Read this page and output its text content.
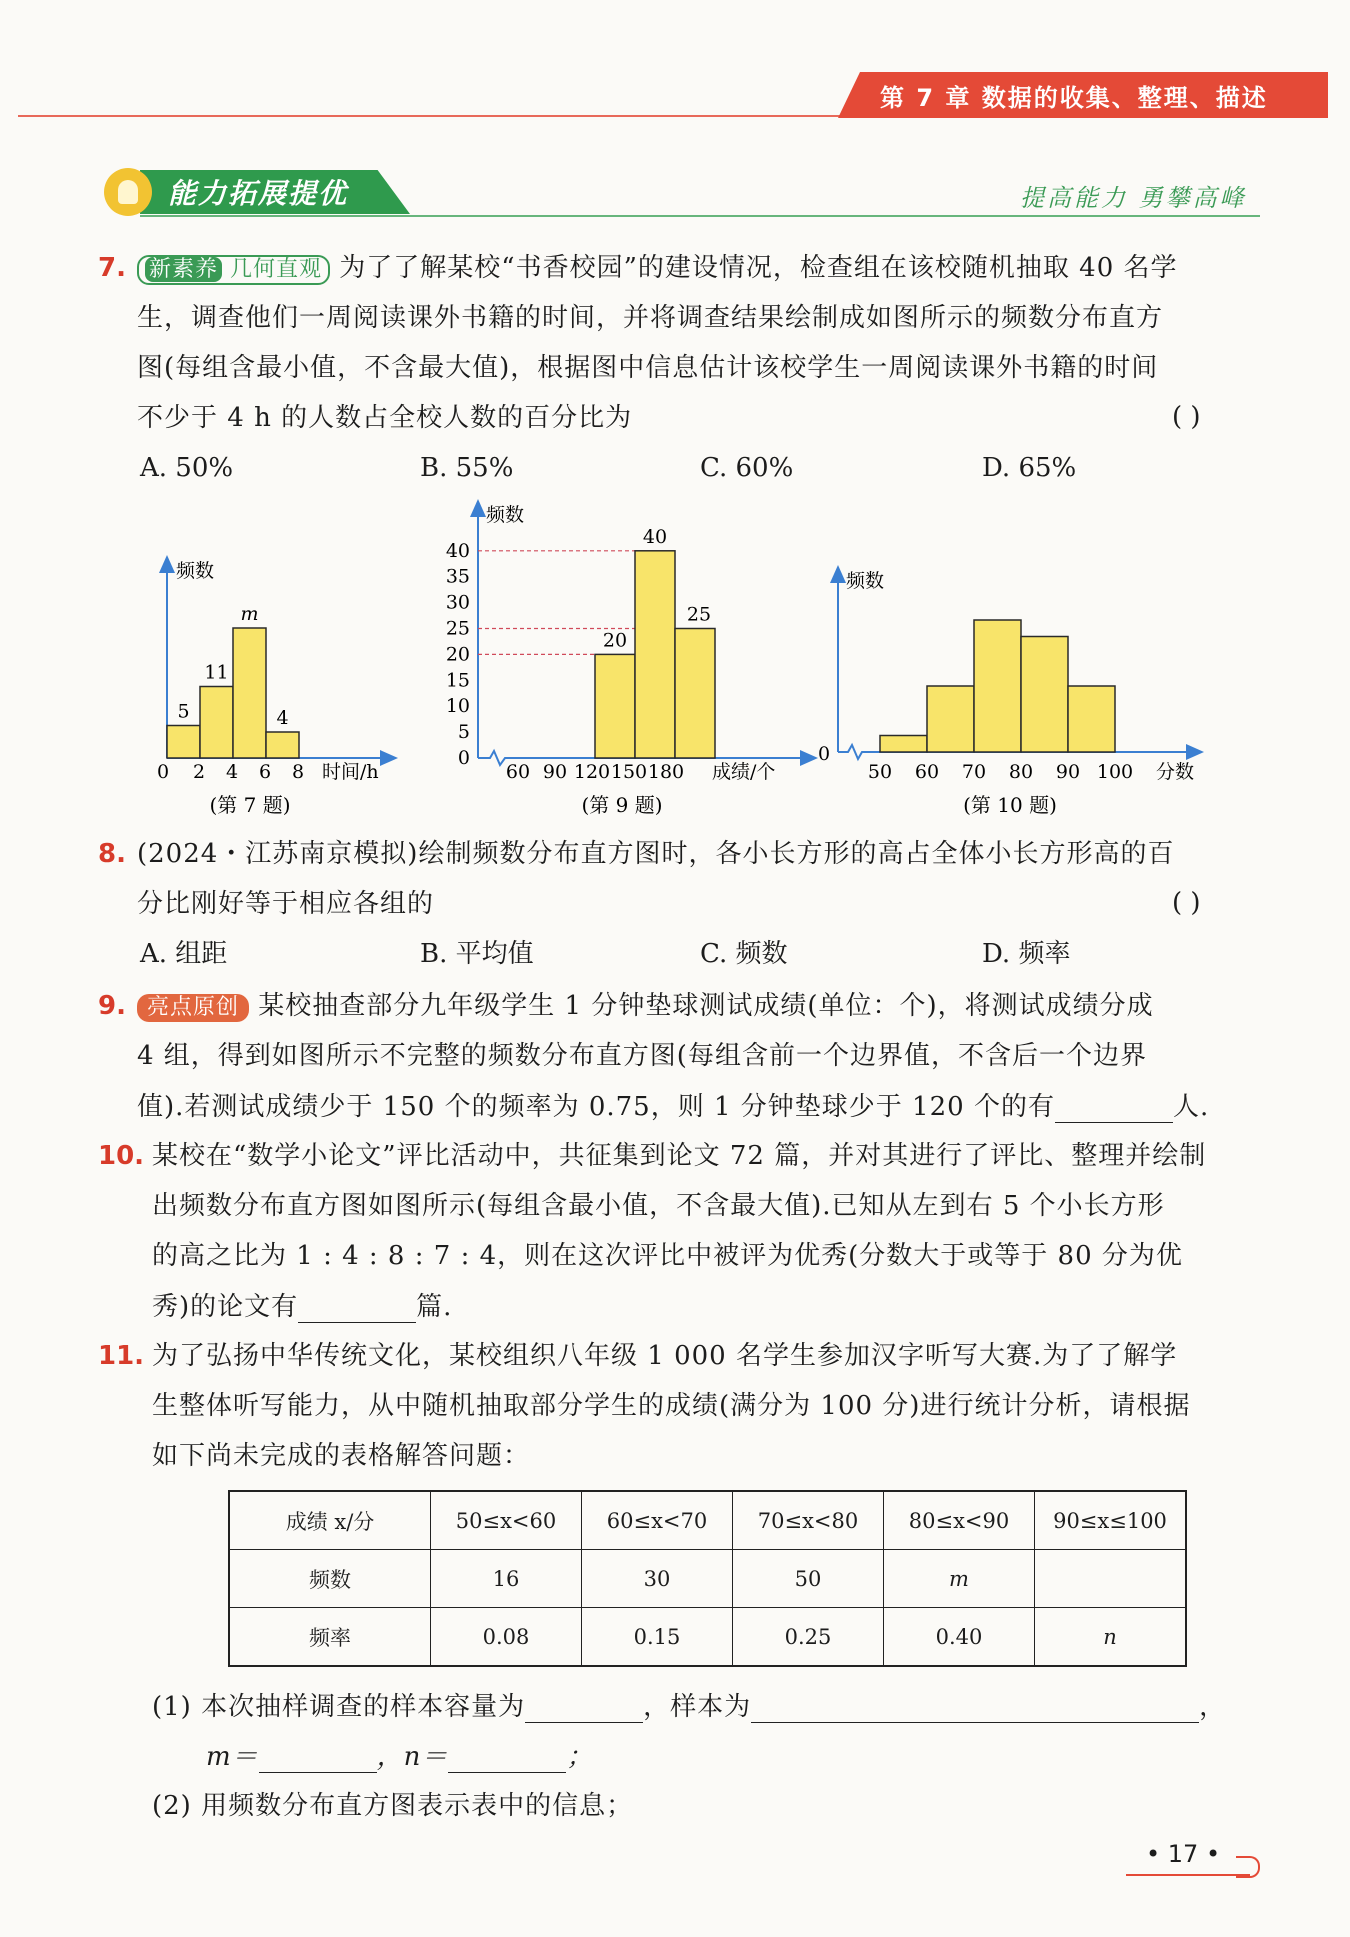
第 7 章 数据的收集、整理、描述
能力拓展提优	提高能力 勇攀高峰
7.	新素养 几何直观 为了了解某校“书香校园”的建设情况，检查组在该校随机抽取 40 名学
生，调查他们一周阅读课外书籍的时间，并将调查结果绘制成如图所示的频数分布直方
图(每组含最小值，不含最大值)，根据图中信息估计该校学生一周阅读课外书籍的时间
不少于 4 h 的人数占全校人数的百分比为	( )
A. 50%	B. 55%	C. 60%	D. 65%
频数
时间/h
5
11
m
4
0 2 4 6 8
(第 7 题)
频数
成绩/个
0
5
10
15
20
25
30
35
40
20
40
25
60 90 120 150 180
(第 9 题)
频数
0
分数
50 60 70 80 90 100
(第 10 题)
8. (2024・江苏南京模拟)绘制频数分布直方图时，各小长方形的高占全体小长方形高的百
分比刚好等于相应各组的	( )
A. 组距	B. 平均值	C. 频数	D. 频率
9. 亮点原创 某校抽查部分九年级学生 1 分钟垫球测试成绩(单位：个)，将测试成绩分成
4 组，得到如图所示不完整的频数分布直方图(每组含前一个边界值，不含后一个边界
值).若测试成绩少于 150 个的频率为 0.75，则 1 分钟垫球少于 120 个的有	人.
10. 某校在“数学小论文”评比活动中，共征集到论文 72 篇，并对其进行了评比、整理并绘制
出频数分布直方图如图所示(每组含最小值，不含最大值).已知从左到右 5 个小长方形
的高之比为 1 : 4 : 8 : 7 : 4，则在这次评比中被评为优秀(分数大于或等于 80 分为优
秀)的论文有	篇.
11. 为了弘扬中华传统文化，某校组织八年级 1 000 名学生参加汉字听写大赛.为了了解学
生整体听写能力，从中随机抽取部分学生的成绩(满分为 100 分)进行统计分析，请根据
如下尚未完成的表格解答问题：
成绩 x/分	50≤x<60	60≤x<70	70≤x<80	80≤x<90	90≤x≤100
频数	16	30	50	m	
频率	0.08	0.15	0.25	0.40	n
(1) 本次抽样调查的样本容量为	，样本为	，
m＝	，n＝	；
(2) 用频数分布直方图表示表中的信息；
• 17 •
